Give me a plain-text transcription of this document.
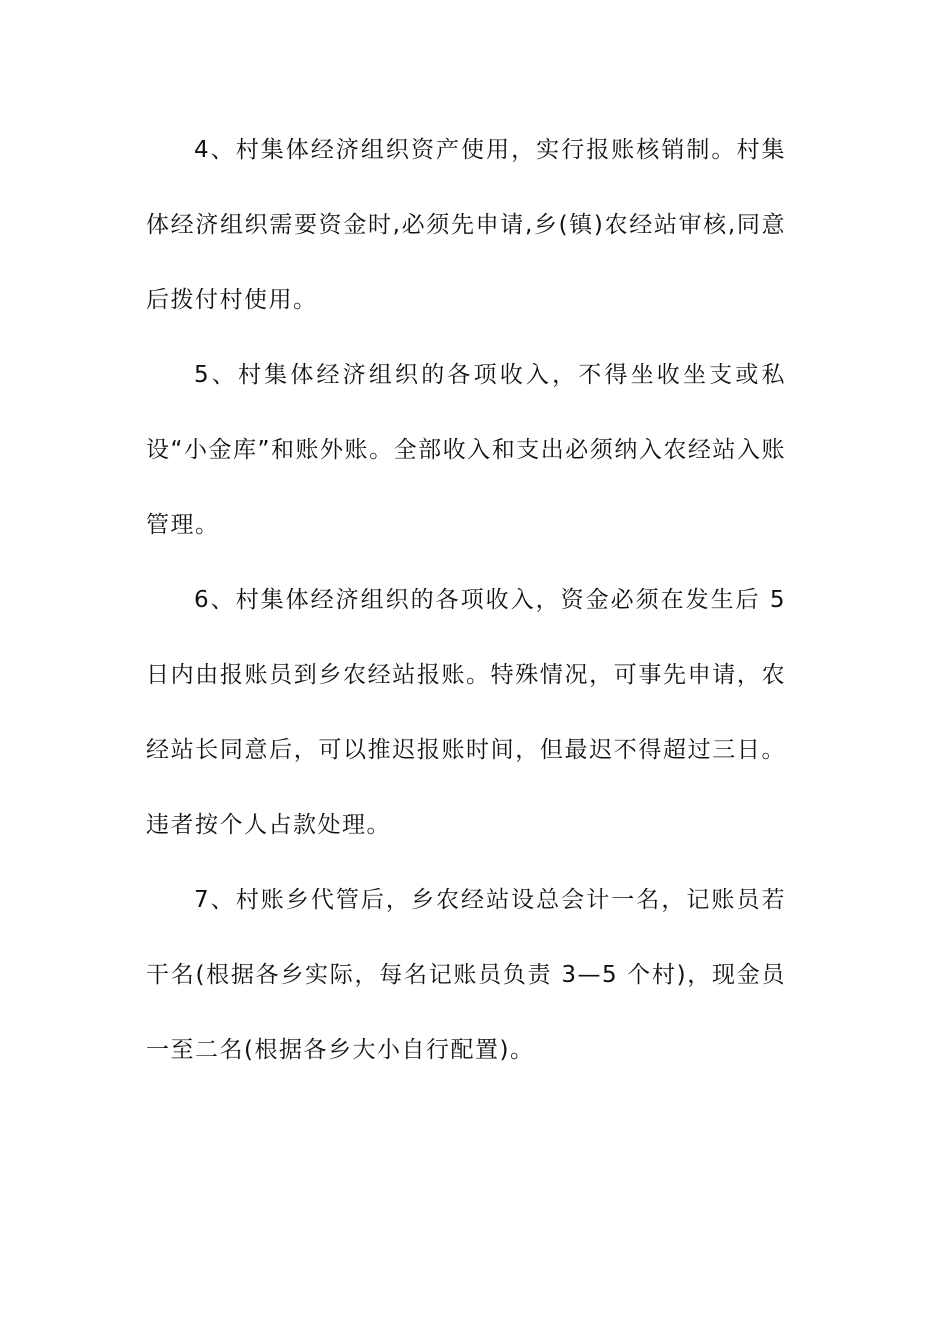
4、村集体经济组织资产使用，实行报账核销制。村集体经济组织需要资金时,必须先申请,乡(镇)农经站审核,同意后拨付村使用。

5、村集体经济组织的各项收入，不得坐收坐支或私设“小金库”和账外账。全部收入和支出必须纳入农经站入账管理。

6、村集体经济组织的各项收入，资金必须在发生后 5 日内由报账员到乡农经站报账。特殊情况，可事先申请，农经站长同意后，可以推迟报账时间，但最迟不得超过三日。违者按个人占款处理。

7、村账乡代管后，乡农经站设总会计一名，记账员若干名(根据各乡实际，每名记账员负责 3—5 个村)，现金员一至二名(根据各乡大小自行配置)。
